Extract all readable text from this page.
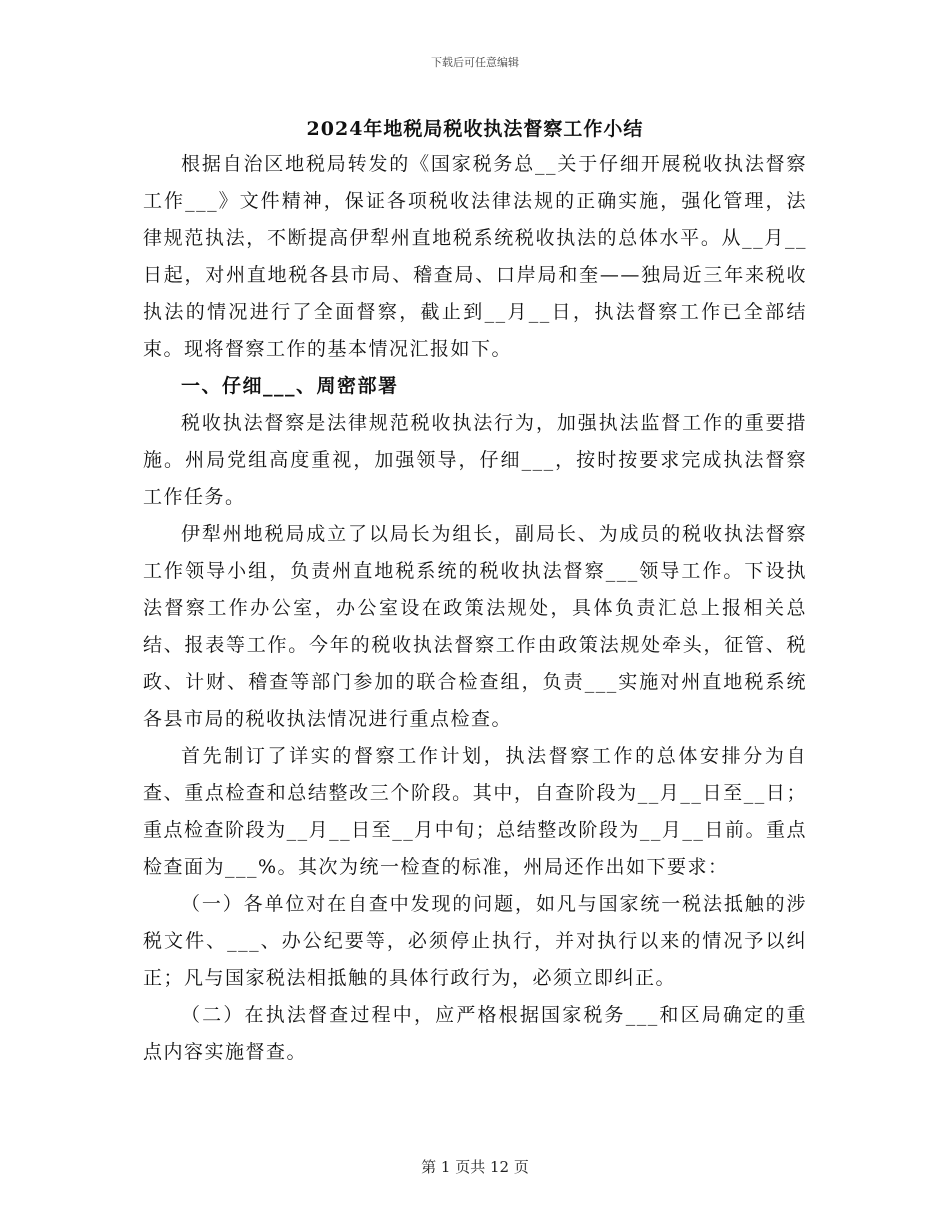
下载后可任意编辑
2024年地税局税收执法督察工作小结

根据自治区地税局转发的《国家税务总__关于仔细开展税收执法督察工作___》文件精神，保证各项税收法律法规的正确实施，强化管理，法律规范执法，不断提高伊犁州直地税系统税收执法的总体水平。从__月__日起，对州直地税各县市局、稽查局、口岸局和奎——独局近三年来税收执法的情况进行了全面督察，截止到__月__日，执法督察工作已全部结束。现将督察工作的基本情况汇报如下。

一、仔细___、周密部署

税收执法督察是法律规范税收执法行为，加强执法监督工作的重要措施。州局党组高度重视，加强领导，仔细___，按时按要求完成执法督察工作任务。

伊犁州地税局成立了以局长为组长，副局长、为成员的税收执法督察工作领导小组，负责州直地税系统的税收执法督察___领导工作。下设执法督察工作办公室，办公室设在政策法规处，具体负责汇总上报相关总结、报表等工作。今年的税收执法督察工作由政策法规处牵头，征管、税政、计财、稽查等部门参加的联合检查组，负责___实施对州直地税系统各县市局的税收执法情况进行重点检查。

首先制订了详实的督察工作计划，执法督察工作的总体安排分为自查、重点检查和总结整改三个阶段。其中，自查阶段为__月__日至__日；重点检查阶段为__月__日至__月中旬；总结整改阶段为__月__日前。重点检查面为___%。其次为统一检查的标准，州局还作出如下要求：

（一）各单位对在自查中发现的问题，如凡与国家统一税法抵触的涉税文件、___、办公纪要等，必须停止执行，并对执行以来的情况予以纠正；凡与国家税法相抵触的具体行政行为，必须立即纠正。

（二）在执法督查过程中，应严格根据国家税务___和区局确定的重点内容实施督查。

第 1 页共 12 页
